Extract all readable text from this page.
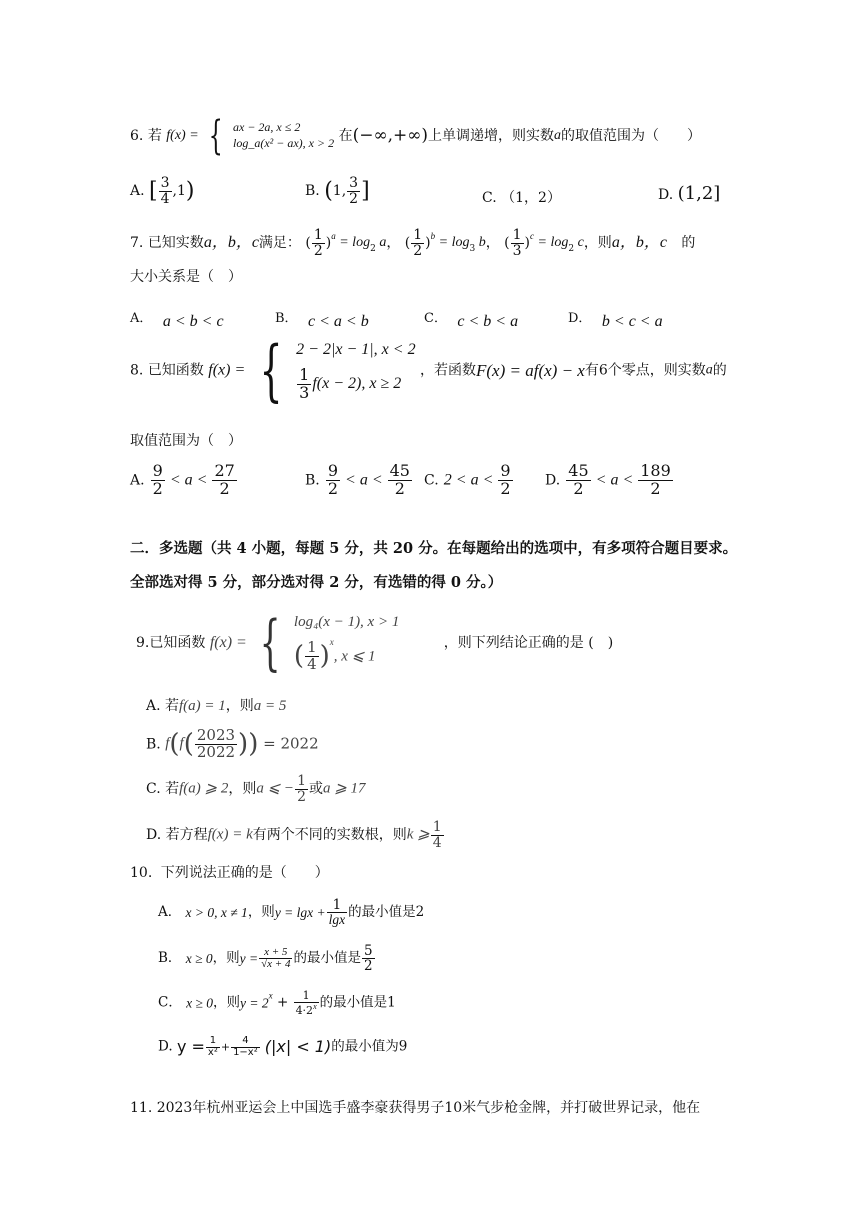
6. 若 f(x) = { ax − 2a, x ≤ 2
log_a(x² − ax), x > 2 在(−∞,+∞)上单调递增，则实数a的取值范围为（　　）
A. [ $\frac{3}{4} ,1$)	B. (1, $\frac{3}{2}$ ]	C. （1，2）	D. (1,2]
7. 已知实数a，b，c满足： ( $\frac{1}{2} )^a = \log_2 a$， ( $\frac{1}{2} )^b = \log_3 b$， ( $\frac{1}{3} )^c = \log_2 c$，则a，b，c 的
大小关系是（　）
A． a < b < c	B． c < a < b	C． c < b < a	D． b < c < a
8. 已知函数 f(x) = { 2 − 2|x − 1|, x < 2
$\frac{1}{3} f(x - 2)$, x ≥ 2
，若函数F(x) = af(x) − x有6个零点，则实数a的
取值范围为（　）
A. $\frac{9}{2} < a < \frac{27}{2}$	B. $\frac{9}{2} < a < \frac{45}{2} C$. $2 < a < \frac{9}{2} D$. $\frac{45}{2} < a < \frac{189}{2}$
二．多选题（共 4 小题，每题 5 分，共 20 分。在每题给出的选项中，有多项符合题目要求。
全部选对得 5 分，部分选对得 2 分，有选错的得 0 分。）
9.已知函数 f(x) = { log₄(x − 1), x > 1
( $\frac{1}{4} )^x$, x ⩽ 1
，则下列结论正确的是 (　)
A. 若f(a) = 1，则a = 5
B. $f(f( \frac{2023}{2022}$ )) = 2022
C. 若f(a) ⩾ 2，则a ⩽ − $\frac{1}{2}$ 或a ⩾ 17
D. 若方程f(x) = k有两个不同的实数根，则k ⩾ $\frac{1}{4}$
10. 下列说法正确的是（　　）
A． x > 0, x ≠ 1，则$y = \lg x + \frac{1}{\lg x}$ 的最小值是2
B． x ≥ 0，则$y = \frac{x + 5}{√x + 4}$ 的最小值是 $\frac{5}{2}$
C． x ≥ 0，则$y = 2^x + \frac{1}{4\cdot 2^x}$ 的最小值是1
D. $y = \frac{1}{\text{x²}} + \frac{4}{\text{1−x²}} (|x| < 1)$的最小值为9
11. 2023年杭州亚运会上中国选手盛李豪获得男子10米气步枪金牌，并打破世界记录，他在
